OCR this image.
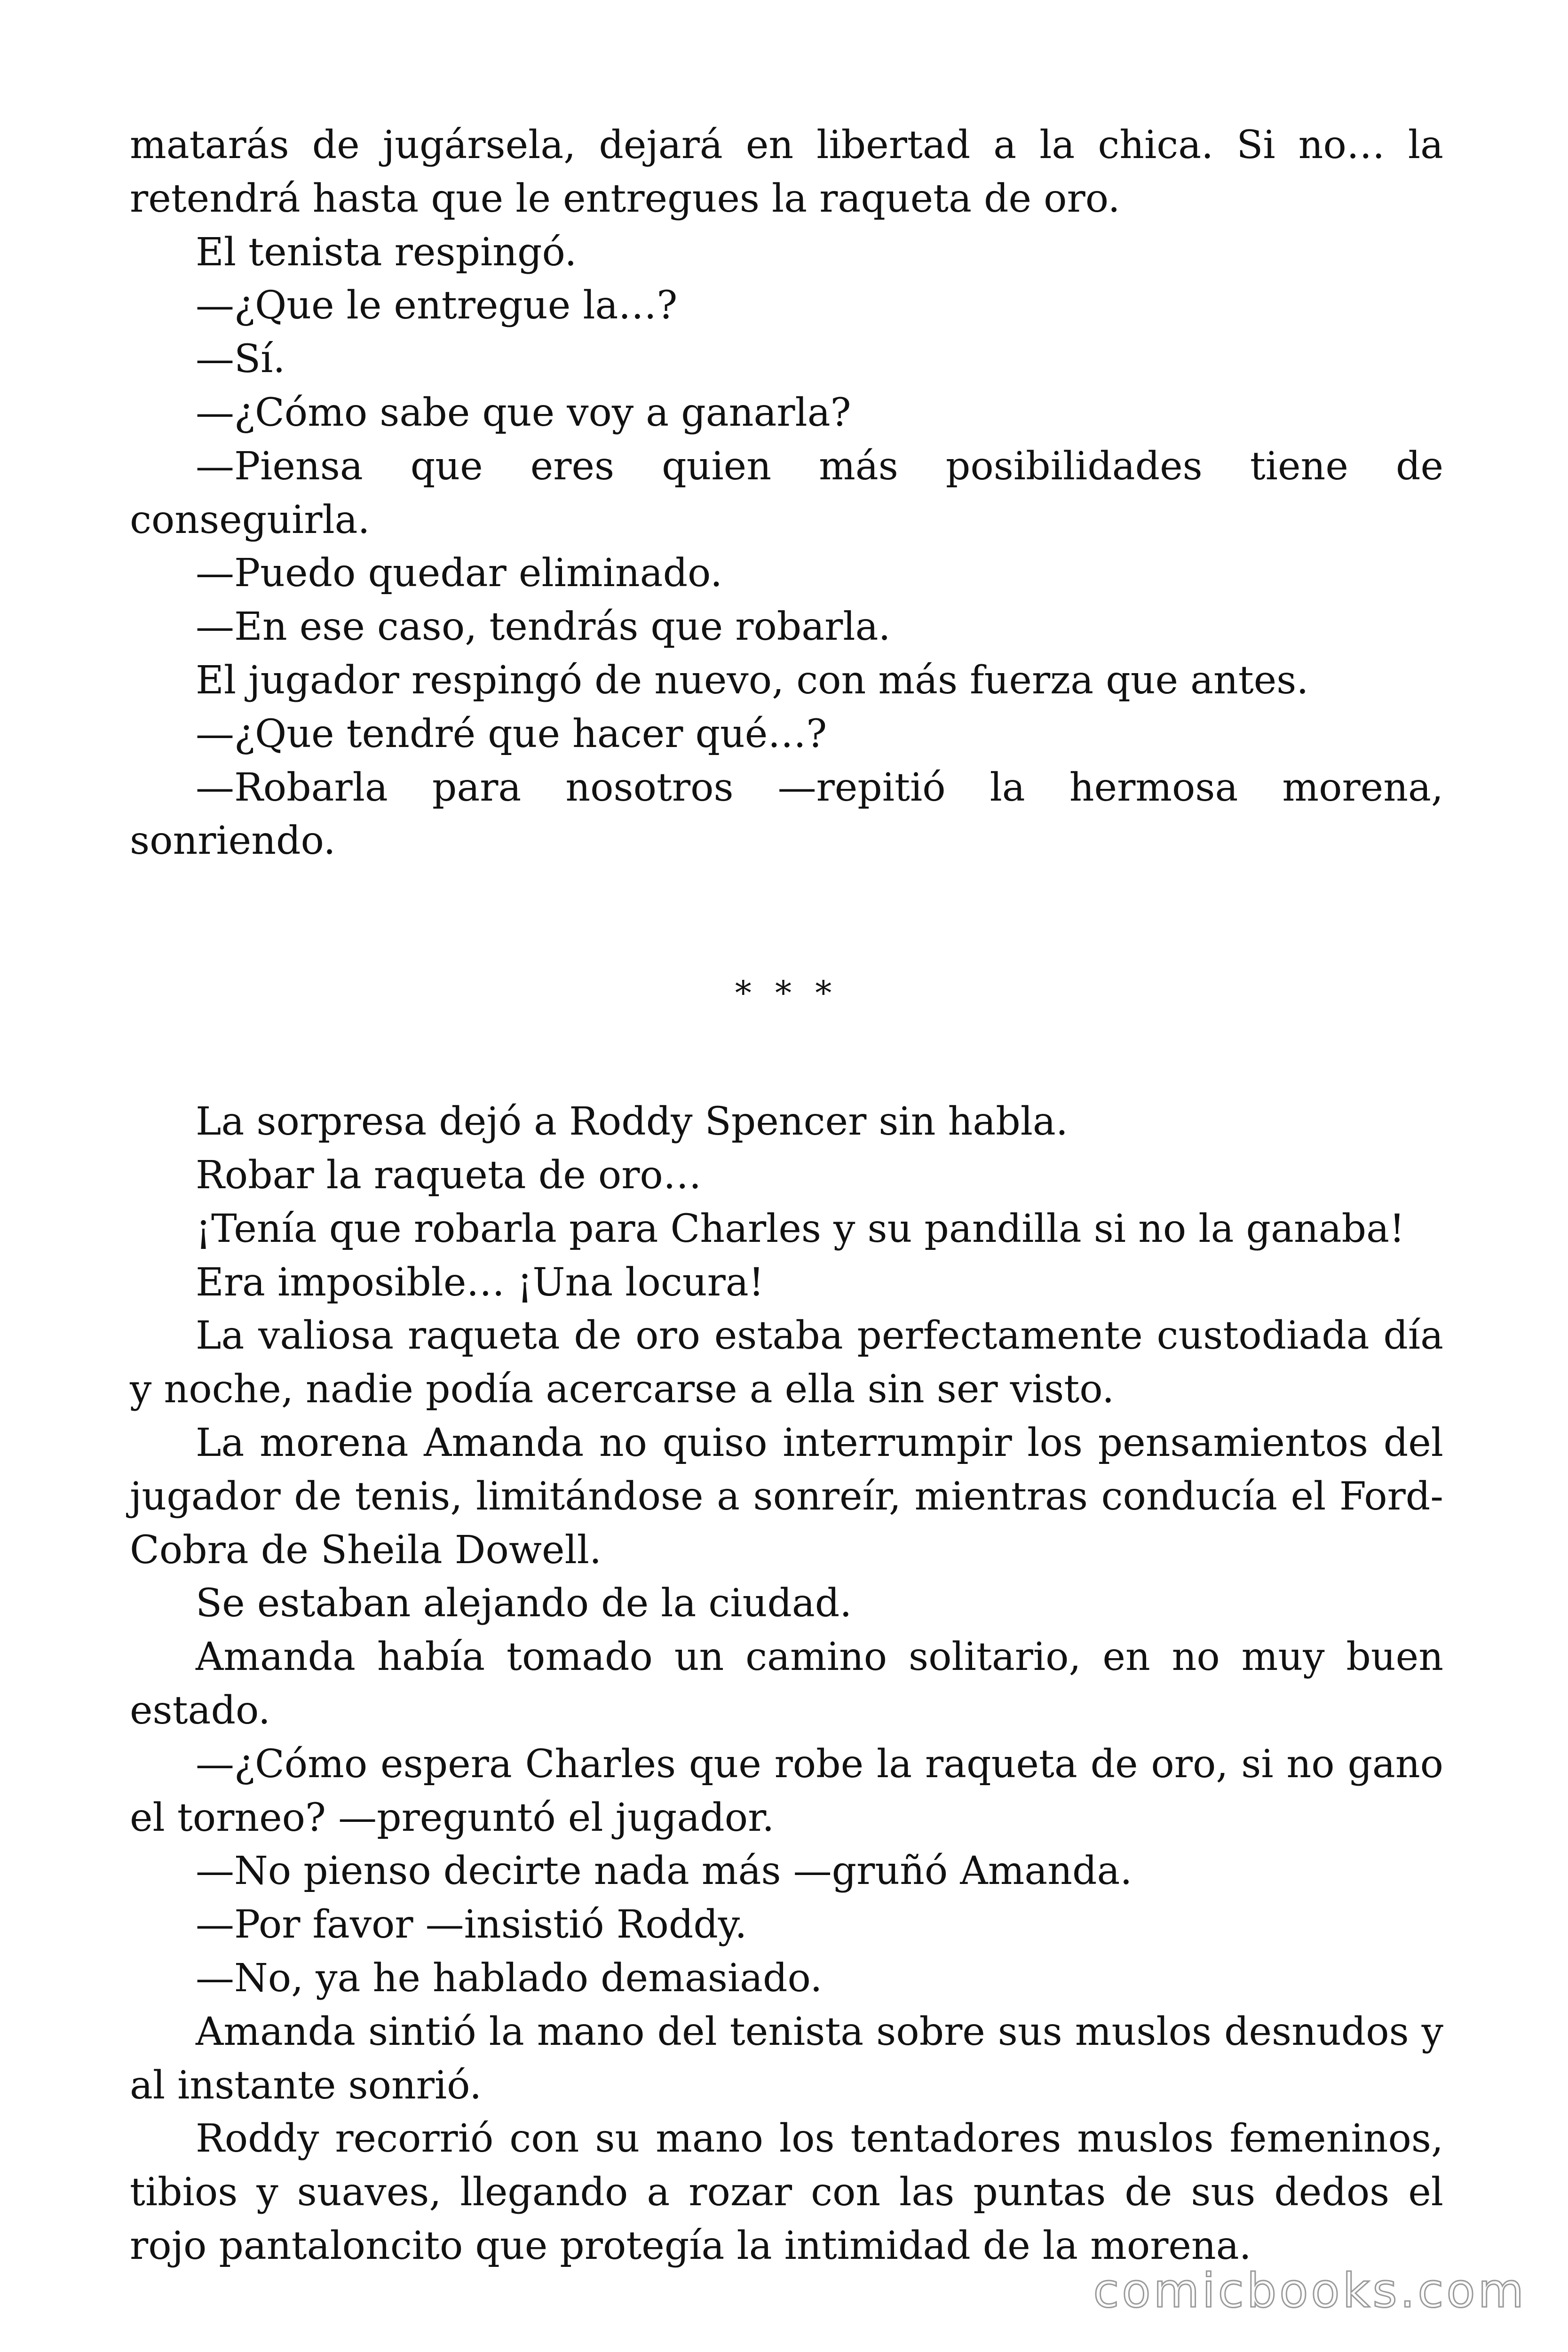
matarás de jugársela, dejará en libertad a la chica. Si no… la retendrá hasta que le entregues la raqueta de oro.

El tenista respingó.

—¿Que le entregue la…?

—Sí.

—¿Cómo sabe que voy a ganarla?

—Piensa que eres quien más posibilidades tiene de conseguirla.

—Puedo quedar eliminado.

—En ese caso, tendrás que robarla.

El jugador respingó de nuevo, con más fuerza que antes.

—¿Que tendré que hacer qué…?

—Robarla para nosotros —repitió la hermosa morena, sonriendo.

* * *

La sorpresa dejó a Roddy Spencer sin habla.

Robar la raqueta de oro…

¡Tenía que robarla para Charles y su pandilla si no la ganaba!

Era imposible… ¡Una locura!

La valiosa raqueta de oro estaba perfectamente custodiada día y noche, nadie podía acercarse a ella sin ser visto.

La morena Amanda no quiso interrumpir los pensamientos del jugador de tenis, limitándose a sonreír, mientras conducía el Ford-Cobra de Sheila Dowell.

Se estaban alejando de la ciudad.

Amanda había tomado un camino solitario, en no muy buen estado.

—¿Cómo espera Charles que robe la raqueta de oro, si no gano el torneo? —preguntó el jugador.

—No pienso decirte nada más —gruñó Amanda.

—Por favor —insistió Roddy.

—No, ya he hablado demasiado.

Amanda sintió la mano del tenista sobre sus muslos desnudos y al instante sonrió.

Roddy recorrió con su mano los tentadores muslos femeninos, tibios y suaves, llegando a rozar con las puntas de sus dedos el rojo pantaloncito que protegía la intimidad de la morena.

comicbooks.com
